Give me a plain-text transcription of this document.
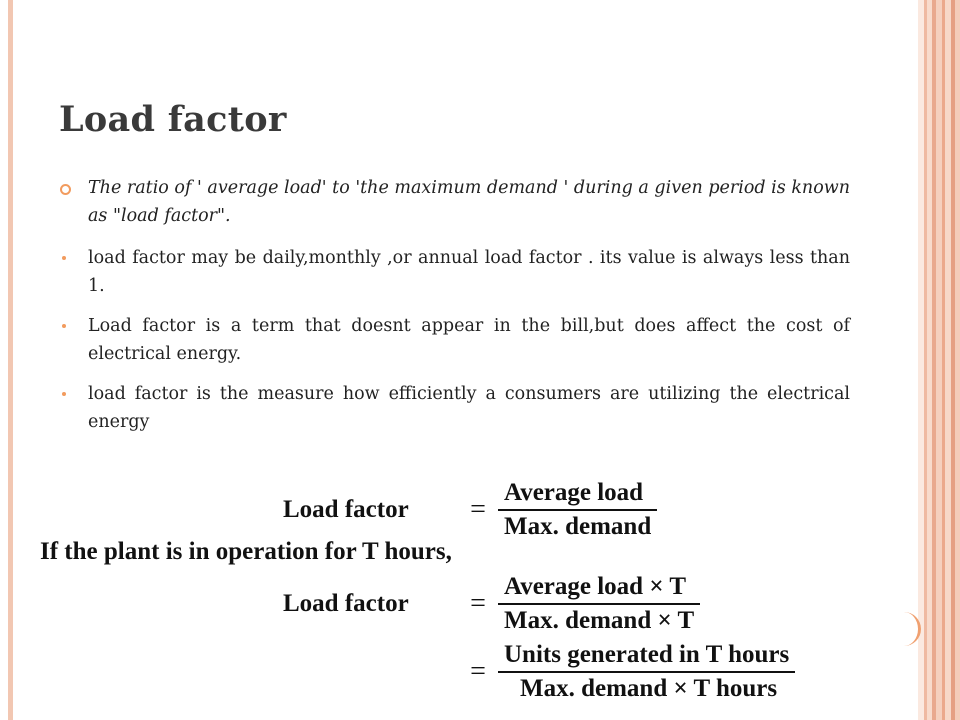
Load factor
The ratio of ' average load' to 'the maximum demand ' during a given period is known as "load factor".
load factor may be daily,monthly ,or annual load factor . its value is always less than 1.
Load factor is a term that doesnt appear in the bill,but does affect the cost of electrical energy.
load factor is the measure how efficiently a consumers are utilizing the electrical energy
Load factor	= $\frac{\text{Average load}}{\text{Max. demand}}$
If the plant is in operation for T hours,
Load factor	= $\frac{\text{Average load × T}}{\text{Max. demand × T}}$
= $\frac{\text{Units generated in T hours}}{\text{Max. demand × T hours}}$
